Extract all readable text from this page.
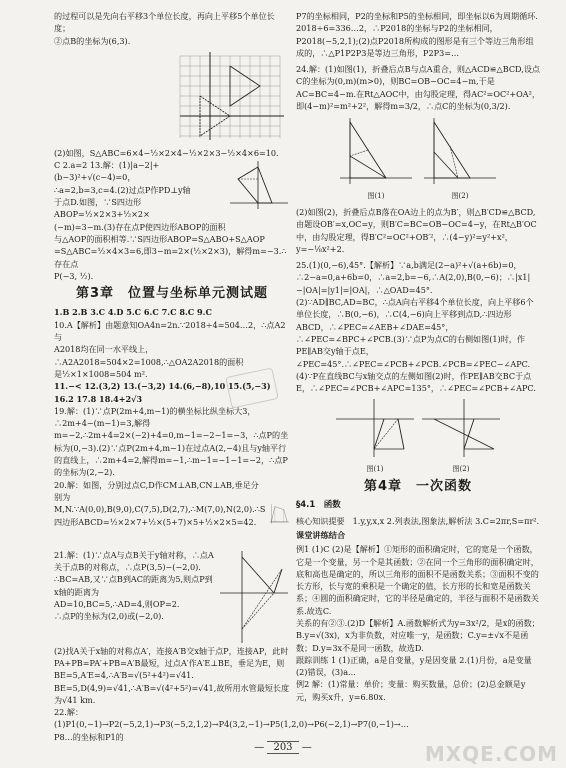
的过程可以是先向右平移3个单位长度，再向上平移5个单位长度；

②点B的坐标为(6,3).

(2)如图，S△ABC=6×4−½×2×4−½×2×3−½×4×6=10.

C 2.a=2 13.解：(1)|a−2|+(b−3)²+√(c−4)=0，

∴a=2,b=3,c=4.(2)过点P作PD⊥y轴

于点D.如图，∵S四边形ABOP=½×2×3+½×2×

(−m)=3−m.(3)存在点P使四边形ABOP的面积

与△AOP的面积相等.∵S四边形ABOP=S△ABO+S△AOP

=S△ABC=½×4×3=6,即3−m=2×(½×2×3)，解得m=−3.∴存在点

P(−3, ½).

第3章　位置与坐标单元测试题

1.B 2.B 3.C 4.D 5.C 6.C 7.C 8.C 9.C

10.A【解析】由题意知OA4n=2n.∵2018÷4=504…2，∴点A2与

A2018均在同一水平线上，∴A2A2018=504×2=1008,∴△OA2A2018的面积

是½×1×1008=504 m².

11.−< 12.(3,2) 13.(−3,2) 14.(6,−8),10 15.(5,−3)

16.2 17.8 18.4+2√3

19.解：(1)∵点P(2m+4,m−1)的横坐标比纵坐标大3，∴2m+4−(m−1)=3,解得m=−2,∴2m+4=2×(−2)+4=0,m−1=−2−1=−3，∴点P的坐标为(0,−3).(2)∵点P(2m+4,m−1)在过点A(2,−4)且与y轴平行的直线上，∴2m+4=2,解得m=−1,∴m−1=−1−1=−2，∴点P的坐标为(2,−2).

20.解：如图，分别过点C,D作CM⊥AB,CN⊥AB,垂足分别为M,N.∵A(0,0),B(9,0),C(7,5),D(2,7),∴M(7,0),N(2,0).∴S四边形ABCD=½×2×7+½×(5+7)×5+½×2×5=42.

21.解：(1)∵点A与点B关于y轴对称，∴点A关于点B的对称点，∴点P(3,5)−(−2,0).

∴BC=AB,又∵点B到AC的距离为5,则点P到x轴的距离为

AD=10,BC=5,∴AD=4,则OP=2.

∴点P的坐标为(2,0)或(−2,0).

(2)找A关于x轴的对称点A′，连接A′B交x轴于点P，连接AP，此时PA+PB=PA′+PB=A′B最短，过点A′作A′E⊥BE，垂足为E，则BE=5,A′E=4,∴A′B=√(5²+4²)=√41.

BE=5,D(4,9)=√41,∴A′B=√(4²+5²)=√41,故所用水管最短长度为√41 km.

22.解：(1)P1(0,−1)→P2(−5,2,1)→P3(−5,2,1,2)→P4(3,2,−1)→P5(1,2,0)→P6(−2,1)→P7(0,−1)→…P8…的坐标和P1的

P7的坐标相同，P2的坐标和P5的坐标相同，即坐标以6为周期循环. 2018÷6=336…2，∴P2018的坐标与P2的坐标相同，P2018(−5,2,1);(2)点P2018所构成的图形是有三个等边三角形组成的，∴△P1P2P3是等边三角形，P2P3=…

24.解：(1)如图(1)，折叠后点B与点A重合，则△ACD≌△BCD,设点C的坐标为(0,m)(m>0)，则BC=OB−OC=4−m,于是AC=BC=4−m.在Rt△AOC中，由勾股定理，得AC²=OC²+OA²，即(4−m)²=m²+2²，解得m=3/2，∴点C的坐标为(0,3/2).

图(1)	图(2)

(2)如图(2)，折叠后点B落在OA边上的点为B′，则△B′CD≌△BCD,由题设OB′=x,OC=y，则B′C=BC=OB−OC=4−y，在Rt△B′OC中，由勾股定理，得B′C²=OC²+OB′²，∴(4−y)²=y²+x²，y=−⅛x²+2.

25.(1)(0,−6),45°.【解析】∵a,b满足(2−a)²+√(a+6b)=0，∴2−a=0,a+6b=0，∴a=2,b=−6,∴A(2,0),B(0,−6)；∴|x1|−|OA|=|y1|=|OA|，∴△OAD=45°.

(2)∵AD∥BC,AD=BC，∴点A向右平移4个单位长度，向上平移6个单位长度，∴B(0,−6)，∴C(4,−6)向上平移到点D,∴四边形ABCD，∴∠PEC=∠AEB+∠DAE=45°，∴∠PEC=∠BPC+∠PCB.(3)∵点P为点C的右侧如图(1)时，作PE∥AB交y轴于点E，∠PEC=45°.∴∠PEC=∠PCB+∠PCB.∠PCB=∠PEC−∠APC.

(4)∵P在直线BC与x轴交点的左侧如图(2)时，作PE∥AB交BC于点E，∴∠PEC=∠PCB+∠APC=135°，∴∠PEC=∠PCB+∠APC.

图(1)	图(2)
第4章　一次函数
§4.1　函数

核心知识提要　1.y,y,x,x 2.列表法,图象法,解析法 3.C=2πr,S=πr².

课堂讲练结合

例1 (1)C (2)是【解析】①矩形的面积确定时，它的宽是一个函数，它是一个变量，另一个是其函数；②在同一个三角形的面积确定时，底和高也是确定的，所以三角形的面积不是函数关系；③面积不变的长方形，长与宽的乘积是一个确定的值，长方形的长和宽是函数关系；④圆的面积确定时，它的半径是确定的，半径与面积不是函数关系.故选C.

关系的有②③.(2)D【解析】A.函数解析式为y=3x²/2，是x的函数；B.y=√(3x)，x为非负数，对应唯一y，是函数；C.y=±√x不是函数；D.y=3x不是同一函数，故选D.

跟踪训练 1 (1)正确，a是自变量，y是因变量 2.(1)月份，a是变量 (2)错误，(3)a...

例2 解：(1)常量：单价；变量：购买数量，总价；(2)总金额是y元，购买x升，y=6.80x.

— 203 —	MXQE.COM
